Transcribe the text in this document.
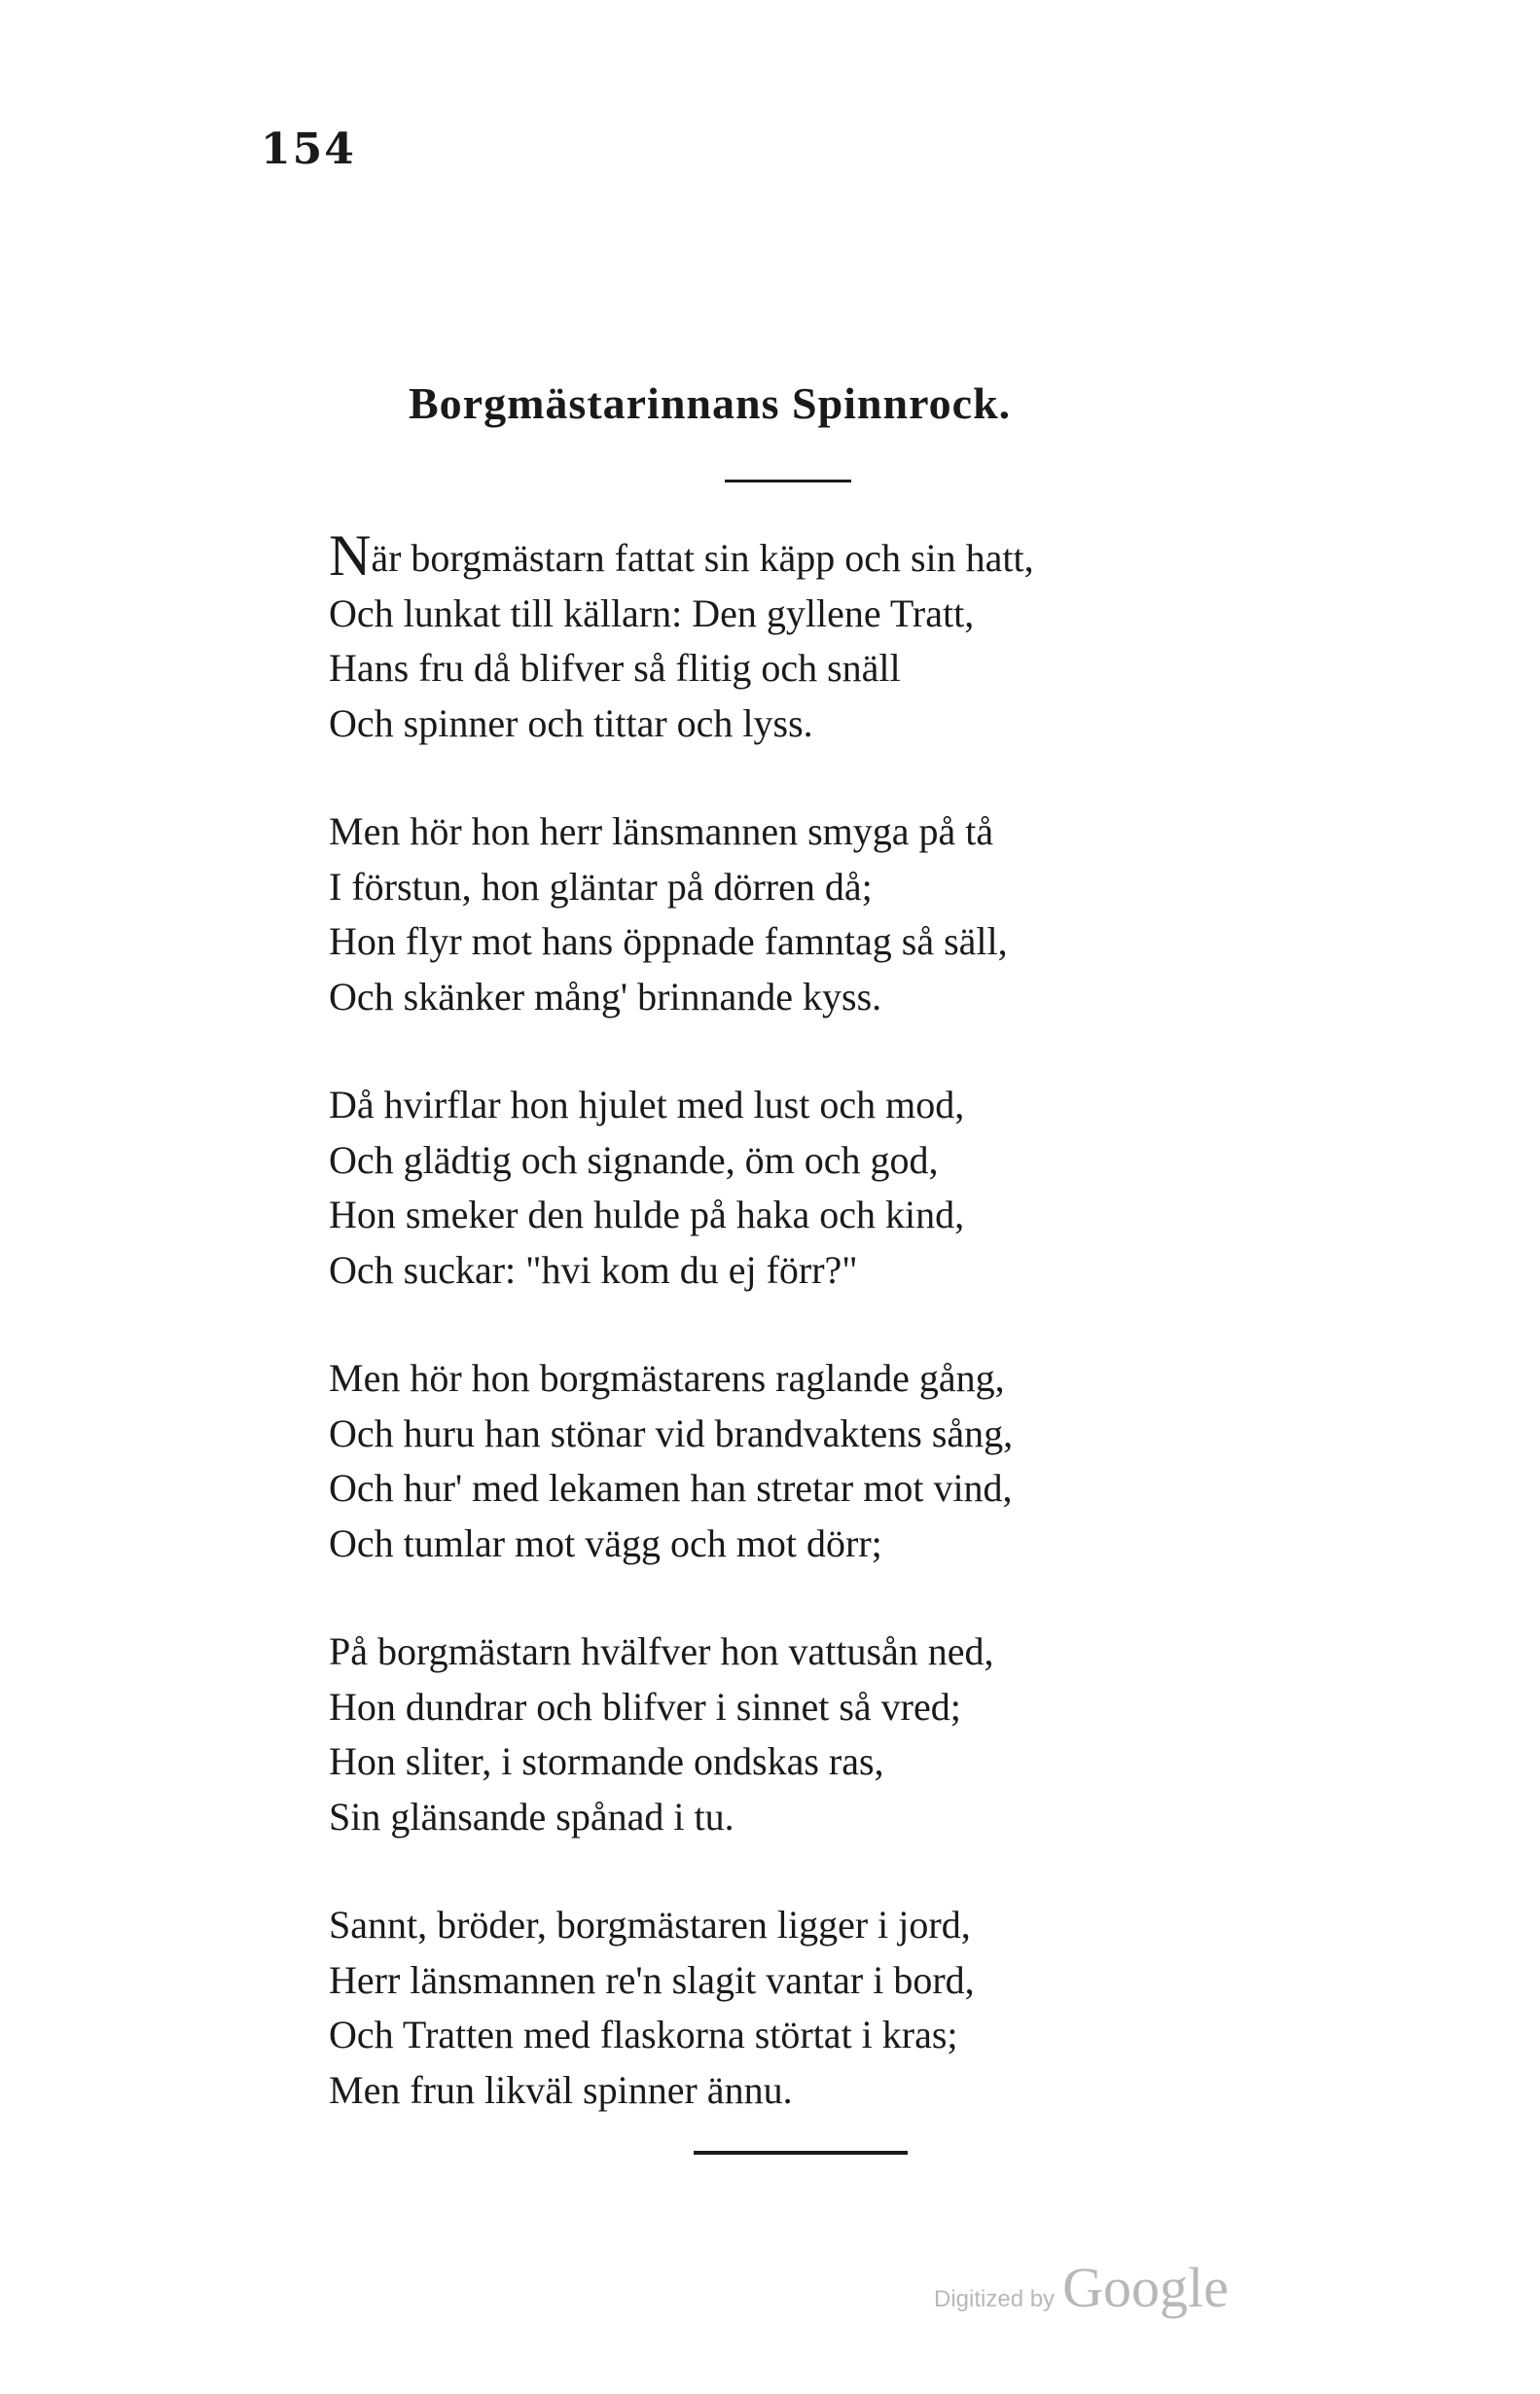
154
Borgmästarinnans Spinnrock.
När borgmästarn fattat sin käpp och sin hatt,
Och lunkat till källarn: Den gyllene Tratt,
Hans fru då blifver så flitig och snäll
Och spinner och tittar och lyss.
Men hör hon herr länsmannen smyga på tå
I förstun, hon gläntar på dörren då;
Hon flyr mot hans öppnade famntag så säll,
Och skänker mång' brinnande kyss.
Då hvirflar hon hjulet med lust och mod,
Och glädtig och signande, öm och god,
Hon smeker den hulde på haka och kind,
Och suckar: "hvi kom du ej förr?"
Men hör hon borgmästarens raglande gång,
Och huru han stönar vid brandvaktens sång,
Och hur' med lekamen han stretar mot vind,
Och tumlar mot vägg och mot dörr;
På borgmästarn hvälfver hon vattusån ned,
Hon dundrar och blifver i sinnet så vred;
Hon sliter, i stormande ondskas ras,
Sin glänsande spånad i tu.
Sannt, bröder, borgmästaren ligger i jord,
Herr länsmannen re'n slagit vantar i bord,
Och Tratten med flaskorna störtat i kras;
Men frun likväl spinner ännu.
Digitized by Google
